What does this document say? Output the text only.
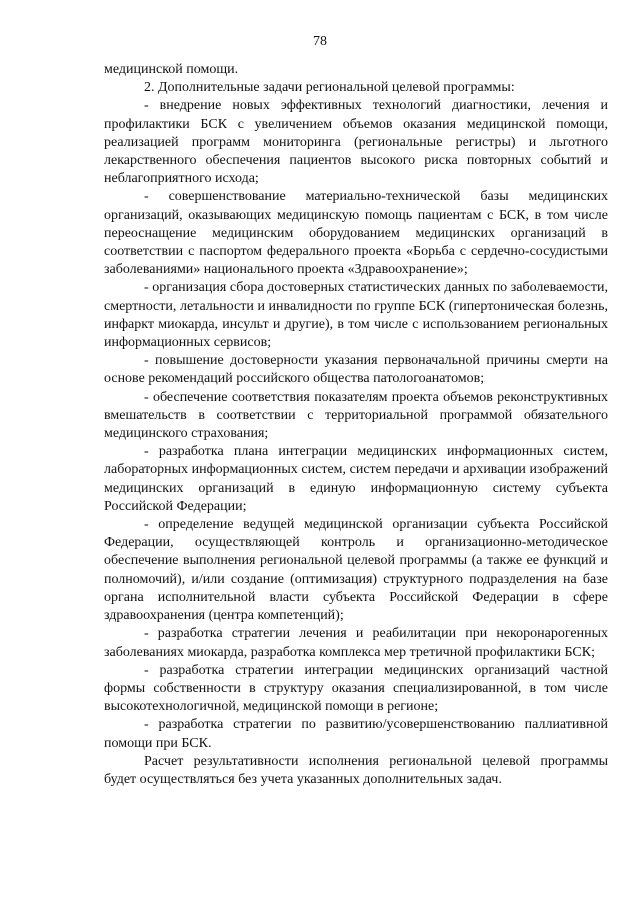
78

медицинской помощи.

2. Дополнительные задачи региональной целевой программы:

- внедрение новых эффективных технологий диагностики, лечения и профилактики БСК с увеличением объемов оказания медицинской помощи, реализацией программ мониторинга (региональные регистры) и льготного лекарственного обеспечения пациентов высокого риска повторных событий и неблагоприятного исхода;

- совершенствование материально-технической базы медицинских организаций, оказывающих медицинскую помощь пациентам с БСК, в том числе переоснащение медицинским оборудованием медицинских организаций в соответствии с паспортом федерального проекта «Борьба с сердечно-сосудистыми заболеваниями» национального проекта «Здравоохранение»;

- организация сбора достоверных статистических данных по заболеваемости, смертности, летальности и инвалидности по группе БСК (гипертоническая болезнь, инфаркт миокарда, инсульт и другие), в том числе с использованием региональных информационных сервисов;

- повышение достоверности указания первоначальной причины смерти на основе рекомендаций российского общества патологоанатомов;

- обеспечение соответствия показателям проекта объемов реконструктивных вмешательств в соответствии с территориальной программой обязательного медицинского страхования;

- разработка плана интеграции медицинских информационных систем, лабораторных информационных систем, систем передачи и архивации изображений медицинских организаций в единую информационную систему субъекта Российской Федерации;

- определение ведущей медицинской организации субъекта Российской Федерации, осуществляющей контроль и организационно-методическое обеспечение выполнения региональной целевой программы (а также ее функций и полномочий), и/или создание (оптимизация) структурного подразделения на базе органа исполнительной власти субъекта Российской Федерации в сфере здравоохранения (центра компетенций);

- разработка стратегии лечения и реабилитации при некоронарогенных заболеваниях миокарда, разработка комплекса мер третичной профилактики БСК;

- разработка стратегии интеграции медицинских организаций частной формы собственности в структуру оказания специализированной, в том числе высокотехнологичной, медицинской помощи в регионе;

- разработка стратегии по развитию/усовершенствованию паллиативной помощи при БСК.

Расчет результативности исполнения региональной целевой программы будет осуществляться без учета указанных дополнительных задач.
